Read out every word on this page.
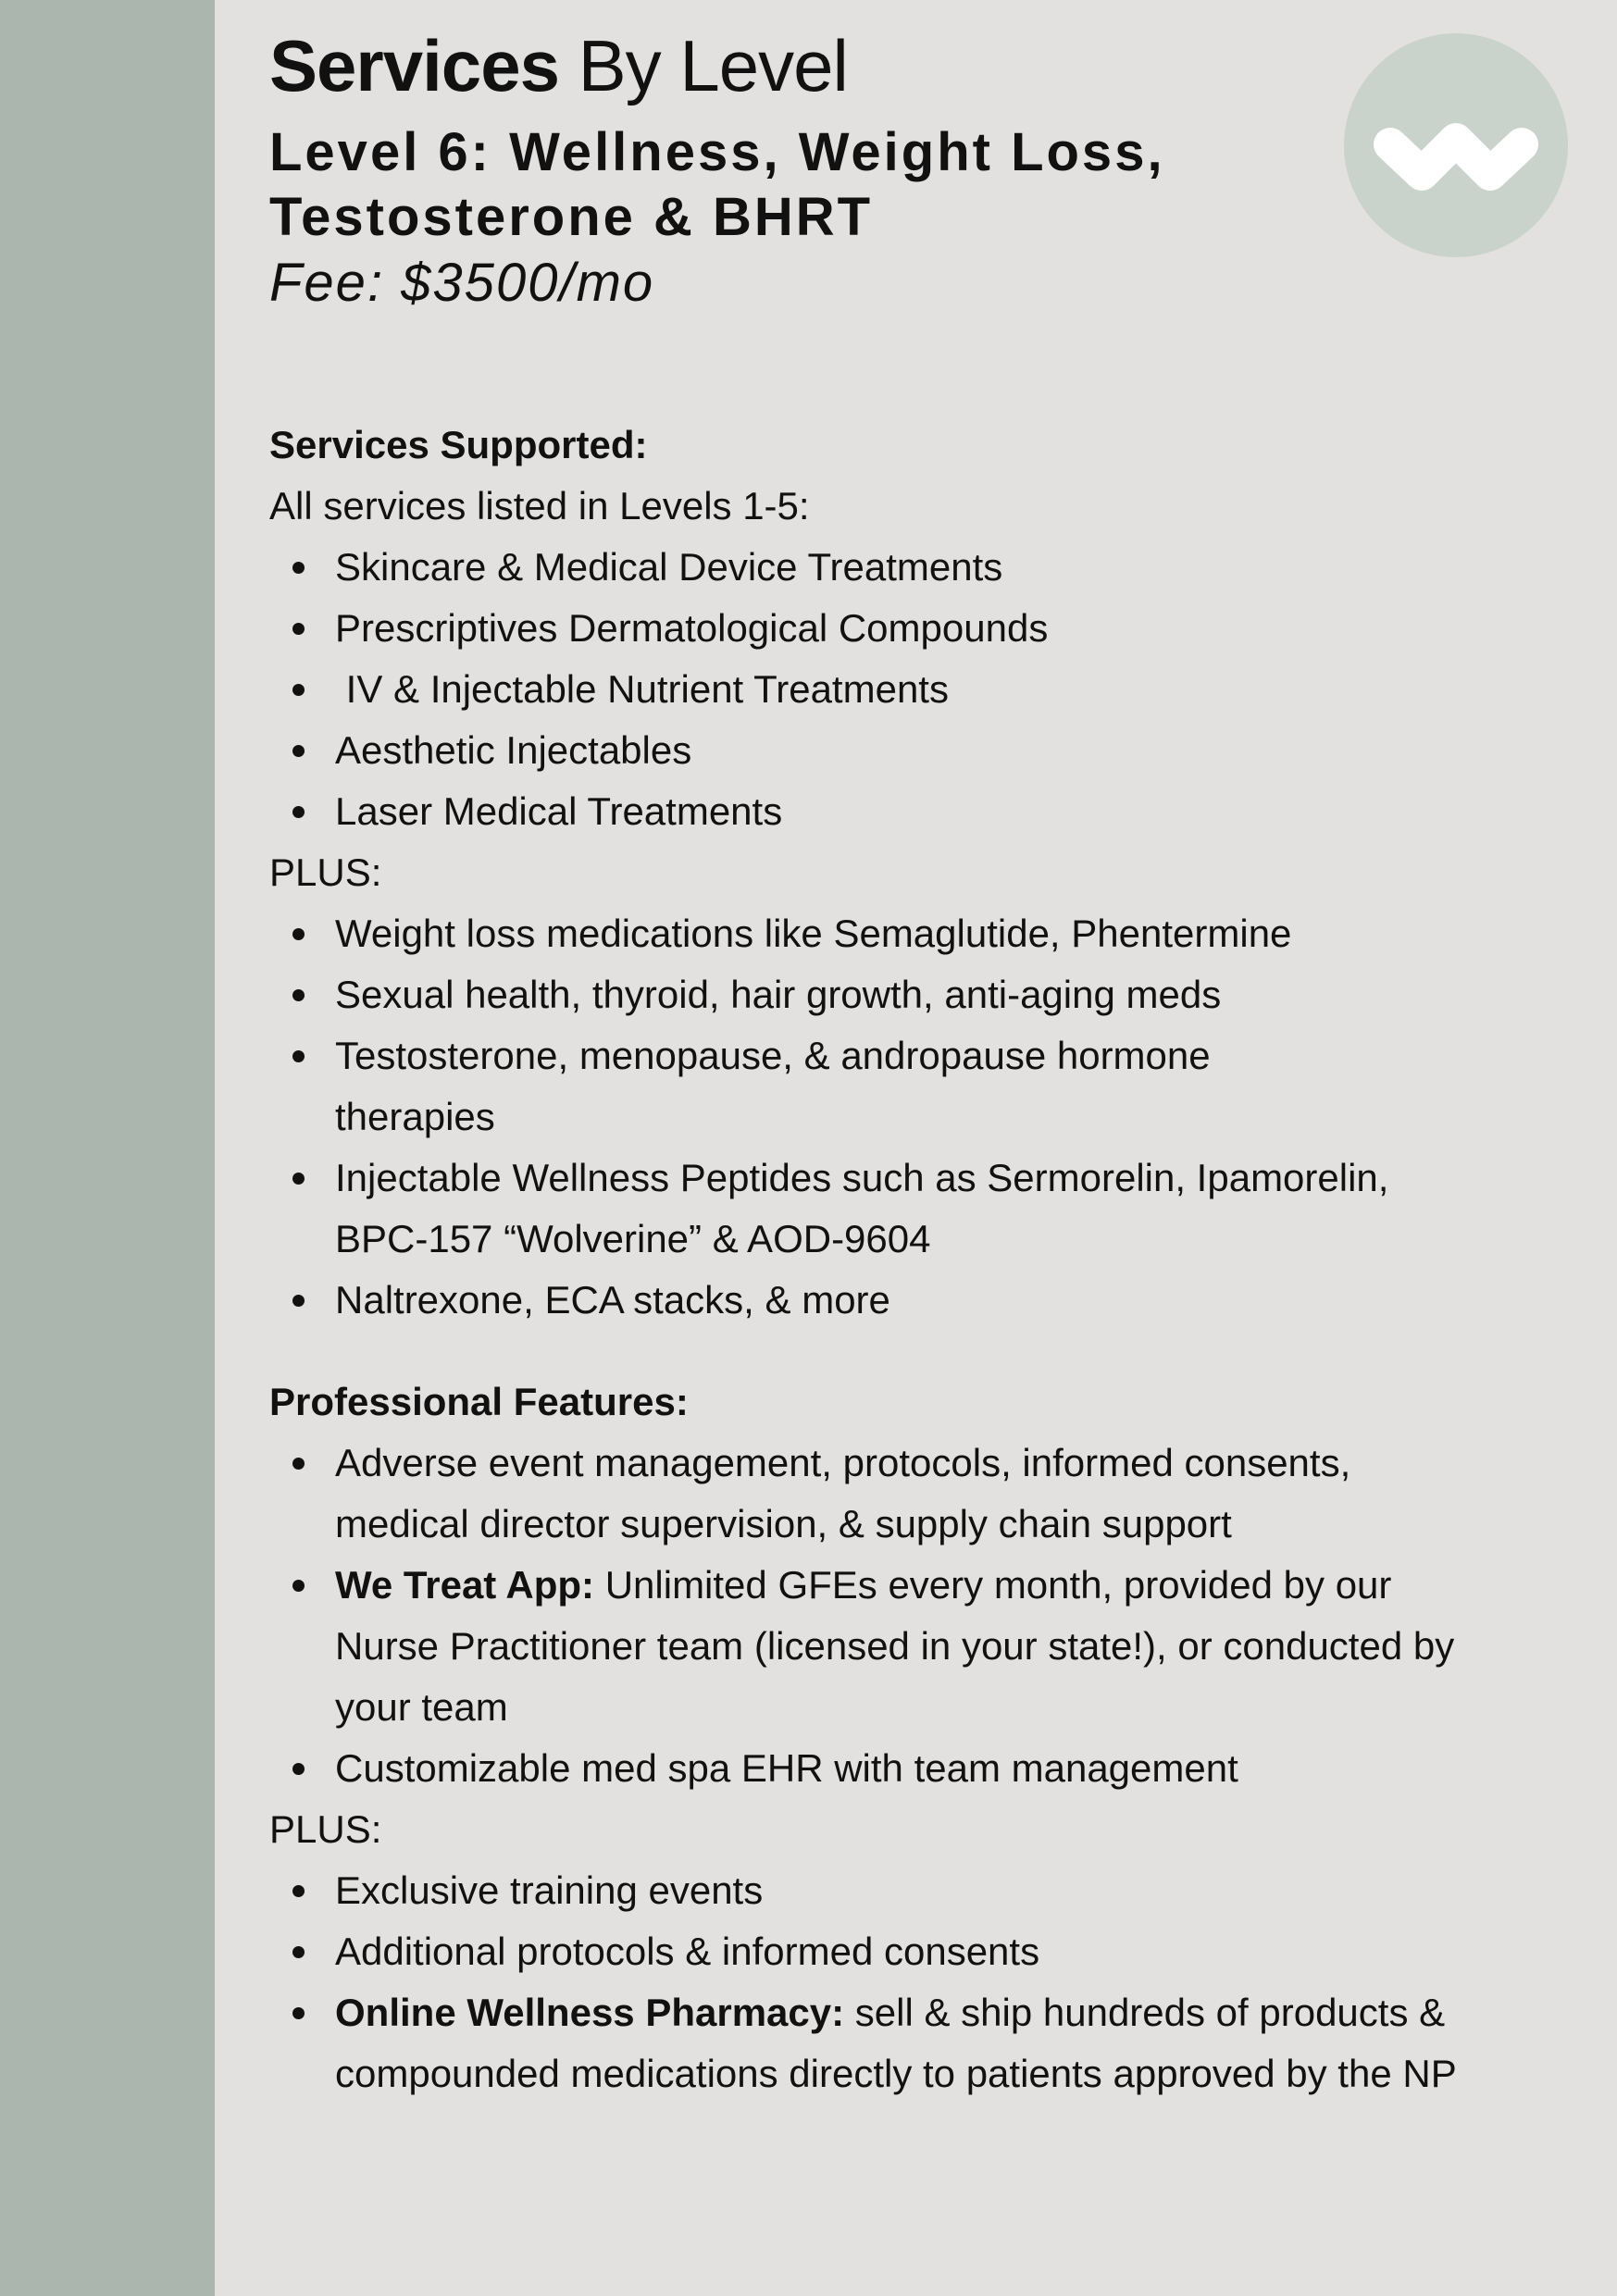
Services By Level
Level 6: Wellness, Weight Loss,
Testosterone & BHRT
Fee: $3500/mo
Services Supported:
All services listed in Levels 1-5:
Skincare & Medical Device Treatments
Prescriptives Dermatological Compounds
IV & Injectable Nutrient Treatments
Aesthetic Injectables
Laser Medical Treatments
PLUS:
Weight loss medications like Semaglutide, Phentermine
Sexual health, thyroid, hair growth, anti-aging meds
Testosterone, menopause, & andropause hormone therapies
Injectable Wellness Peptides such as Sermorelin, Ipamorelin, BPC-157 “Wolverine” & AOD-9604
Naltrexone, ECA stacks, & more
Professional Features:
Adverse event management, protocols, informed consents, medical director supervision, & supply chain support
We Treat App: Unlimited GFEs every month, provided by our Nurse Practitioner team (licensed in your state!), or conducted by your team
Customizable med spa EHR with team management
PLUS:
Exclusive training events
Additional protocols & informed consents
Online Wellness Pharmacy: sell & ship hundreds of products & compounded medications directly to patients approved by the NP
